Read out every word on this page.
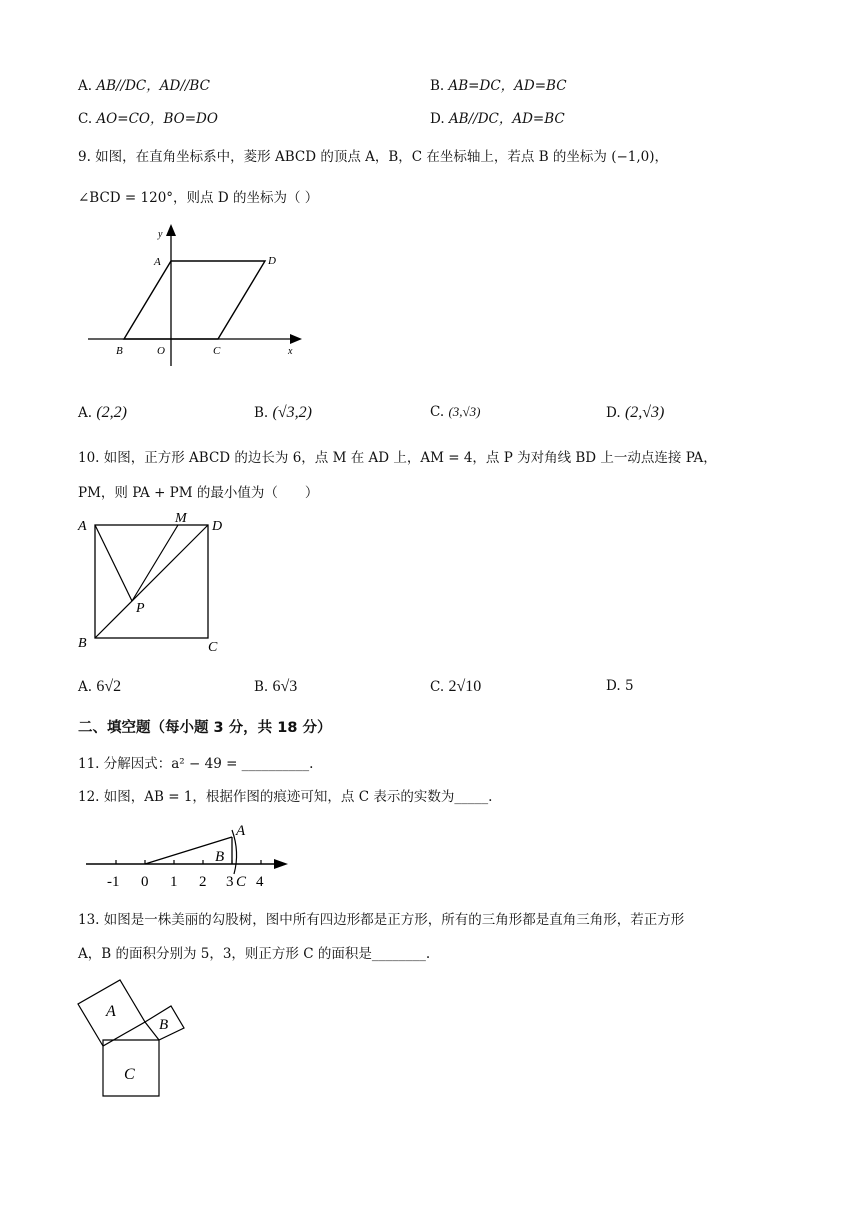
A. AB//DC，AD//BC	B. AB=DC，AD=BC
C. AO=CO，BO=DO	D. AB//DC，AD=BC
9. 如图，在直角坐标系中，菱形 ABCD 的顶点 A，B，C 在坐标轴上，若点 B 的坐标为 (−1,0)，
∠BCD = 120°，则点 D 的坐标为（ ）
y
A	D
B	O	C	x
A. (2,2)	B. (√3,2)	C. (3,√3)	D. (2,√3)
10. 如图，正方形 ABCD 的边长为 6，点 M 在 AD 上，AM = 4，点 P 为对角线 BD 上一动点连接 PA，
PM，则 PA + PM 的最小值为（　　）
A
M
D
P
B	C
A. 6√2	B. 6√3	C. 2√10	D. 5
二、填空题（每小题 3 分，共 18 分）
11. 分解因式：a² − 49 = __________.
12. 如图，AB = 1，根据作图的痕迹可知，点 C 表示的实数为_____.
A
B
-1 0 1 2 3 C 4
13. 如图是一株美丽的勾股树，图中所有四边形都是正方形，所有的三角形都是直角三角形，若正方形
A，B 的面积分别为 5，3，则正方形 C 的面积是________.
A
B
C
